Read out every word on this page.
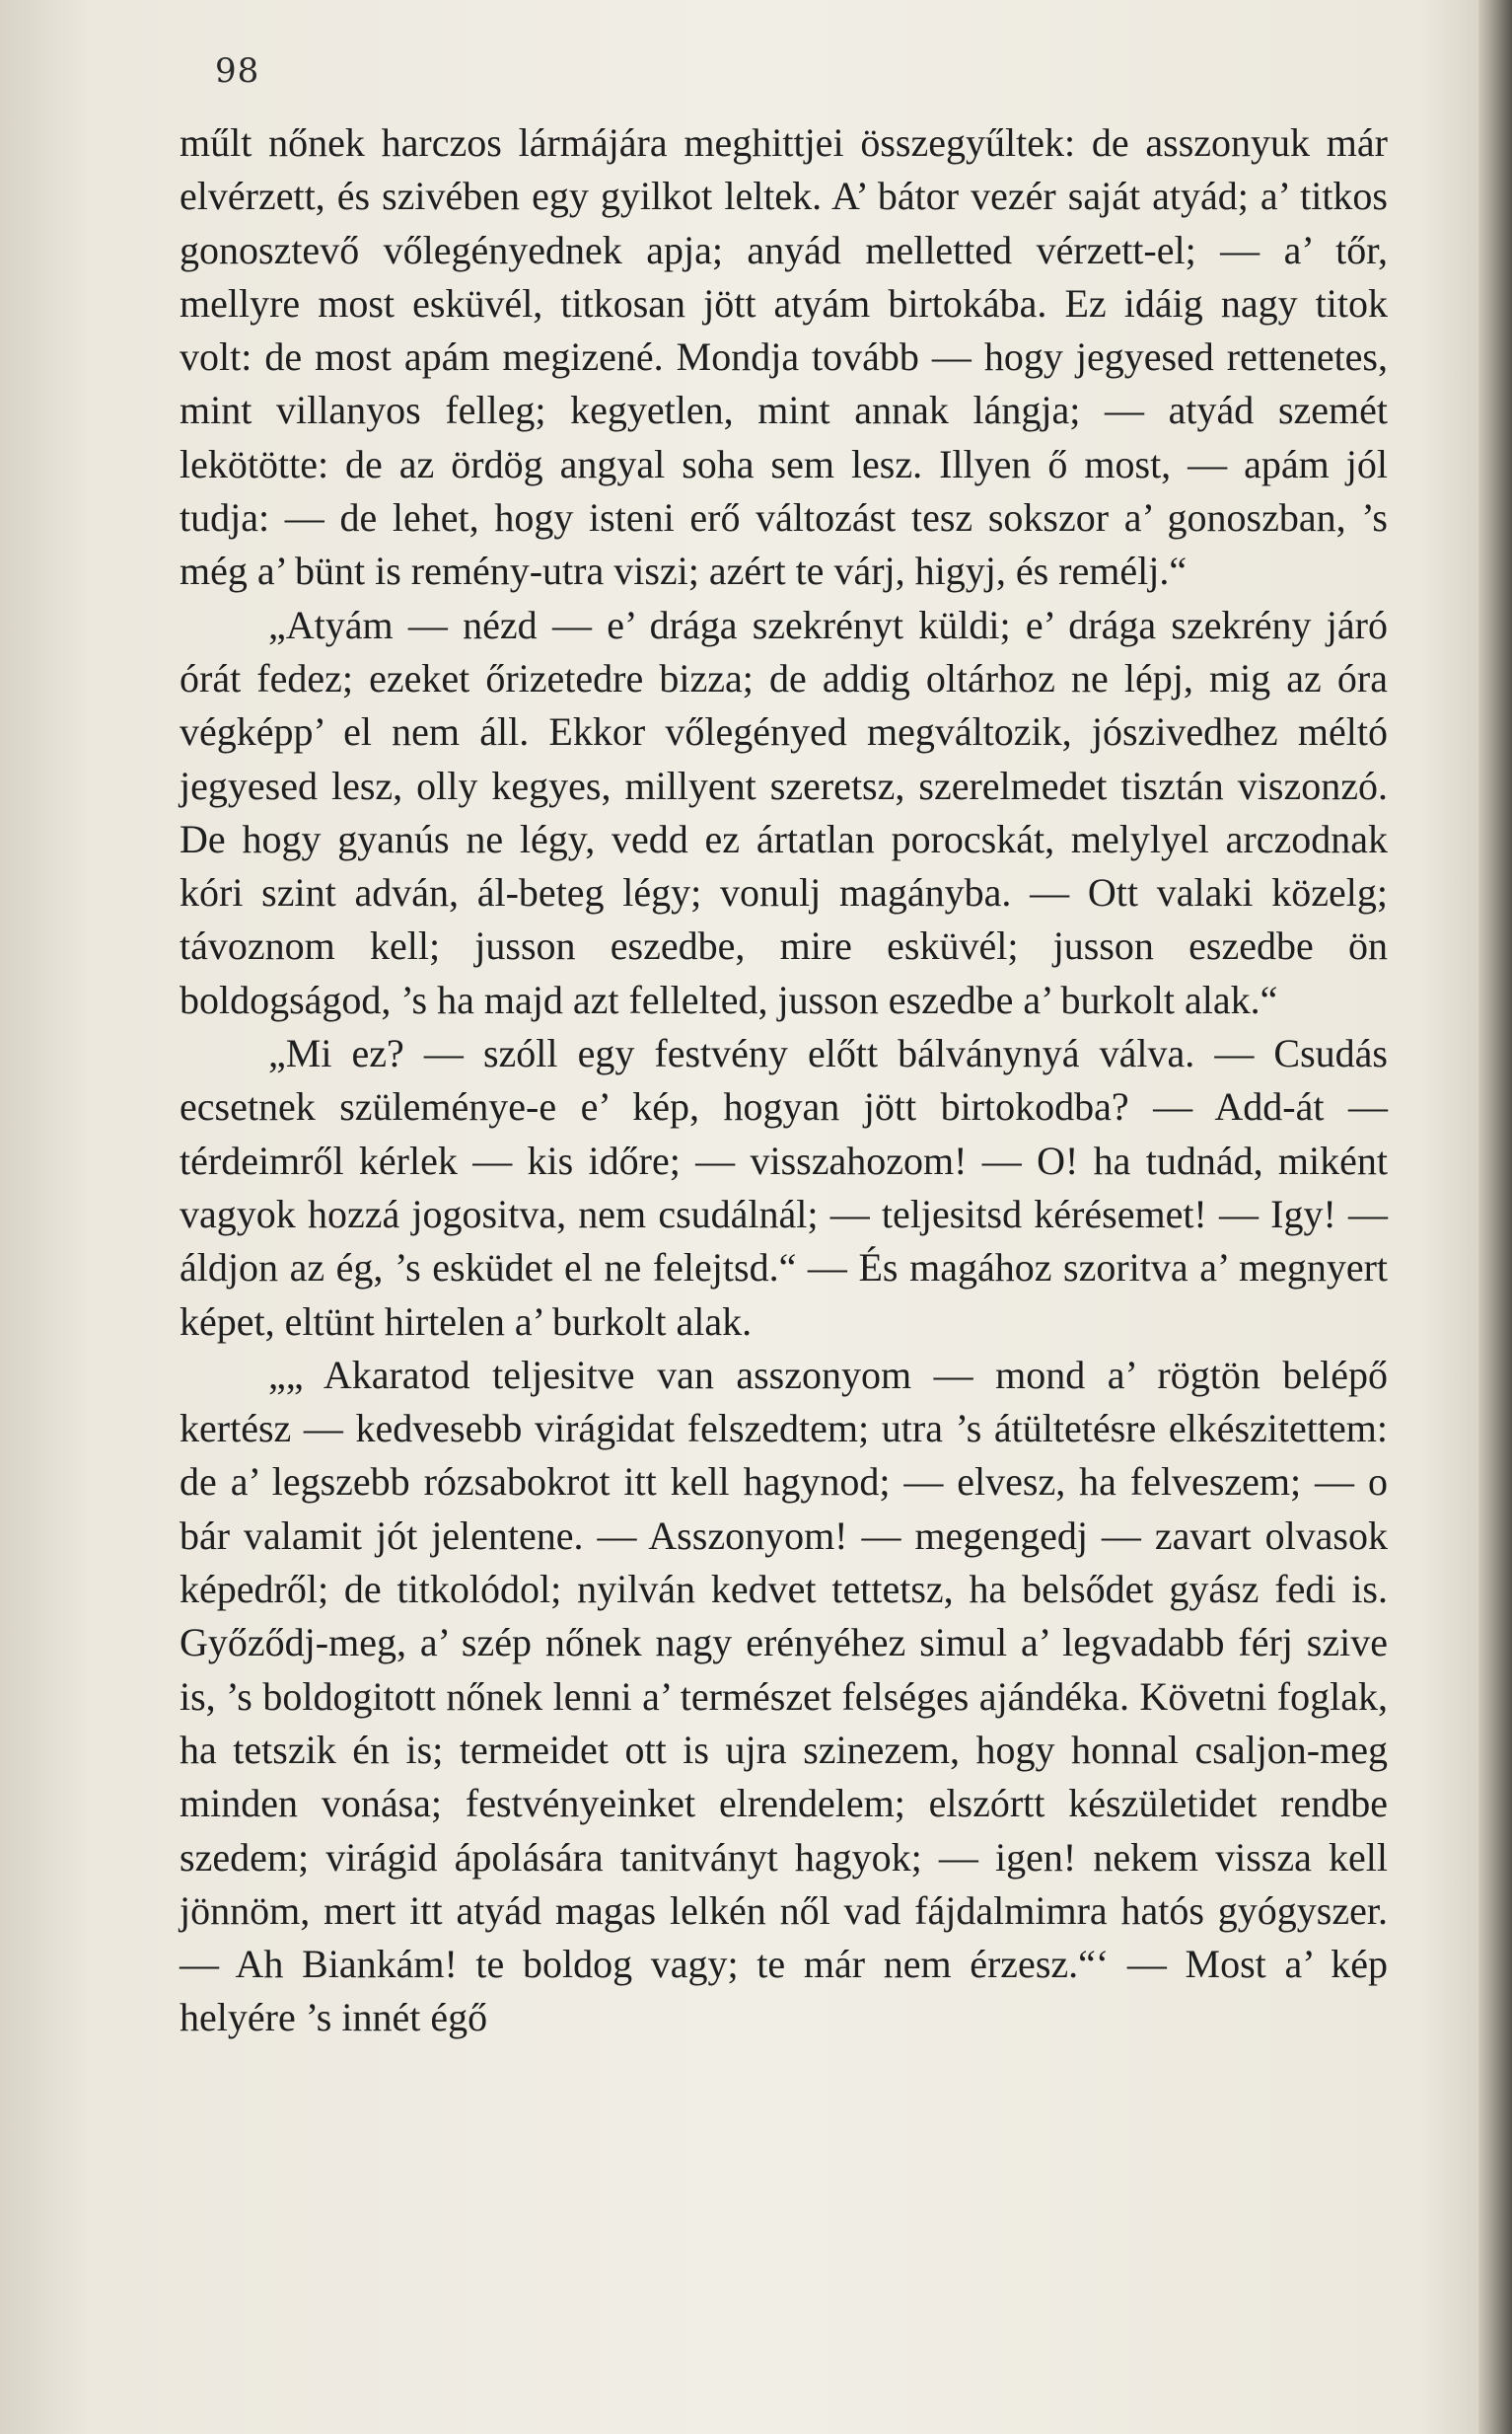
98

műlt nőnek harczos lármájára meghittjei összegyűltek: de asszonyuk már elvérzett, és szivében egy gyilkot leltek. A’ bátor vezér saját atyád; a’ titkos gonosztevő vőlegényednek apja; anyád melletted vérzett-el; — a’ tőr, mellyre most esküvél, titkosan jött atyám birtokába. Ez idáig nagy titok volt: de most apám megizené. Mondja tovább — hogy jegyesed rettenetes, mint villanyos felleg; kegyetlen, mint annak lángja; — atyád szemét lekötötte: de az ördög angyal soha sem lesz. Illyen ő most, — apám jól tudja: — de lehet, hogy isteni erő változást tesz sokszor a’ gonoszban, ’s még a’ bünt is remény-utra viszi; azért te várj, higyj, és remélj.“

„Atyám — nézd — e’ drága szekrényt küldi; e’ drága szekrény járó órát fedez; ezeket őrizetedre bizza; de addig oltárhoz ne lépj, mig az óra végképp’ el nem áll. Ekkor vőlegényed megváltozik, jószivedhez méltó jegyesed lesz, olly kegyes, millyent szeretsz, szerelmedet tisztán viszonzó. De hogy gyanús ne légy, vedd ez ártatlan porocskát, melylyel arczodnak kóri szint adván, ál-beteg légy; vonulj magányba. — Ott valaki közelg; távoznom kell; jusson eszedbe, mire esküvél; jusson eszedbe ön boldogságod, ’s ha majd azt fellelted, jusson eszedbe a’ burkolt alak.“

„Mi ez? — szóll egy festvény előtt bálványnyá válva. — Csudás ecsetnek szüleménye-e e’ kép, hogyan jött birtokodba? — Add-át — térdeimről kérlek — kis időre; — visszahozom! — O! ha tudnád, miként vagyok hozzá jogositva, nem csudálnál; — teljesitsd kérésemet! — Igy! — áldjon az ég, ’s esküdet el ne felejtsd.“ — És magához szoritva a’ megnyert képet, eltünt hirtelen a’ burkolt alak.

„„ Akaratod teljesitve van asszonyom — mond a’ rögtön belépő kertész — kedvesebb virágidat felszedtem; utra ’s átültetésre elkészitettem: de a’ legszebb rózsabokrot itt kell hagynod; — elvesz, ha felveszem; — o bár valamit jót jelentene. — Asszonyom! — megengedj — zavart olvasok képedről; de titkolódol; nyilván kedvet tettetsz, ha belsődet gyász fedi is. Győződj-meg, a’ szép nőnek nagy erényéhez simul a’ legvadabb férj szive is, ’s boldogitott nőnek lenni a’ természet felséges ajándéka. Követni foglak, ha tetszik én is; termeidet ott is ujra szinezem, hogy honnal csaljon-meg minden vonása; festvényeinket elrendelem; elszórtt készületidet rendbe szedem; virágid ápolására tanitványt hagyok; — igen! nekem vissza kell jönnöm, mert itt atyád magas lelkén nől vad fájdalmimra hatós gyógyszer. — Ah Biankám! te boldog vagy; te már nem érzesz.“‘ — Most a’ kép helyére ’s innét égő
